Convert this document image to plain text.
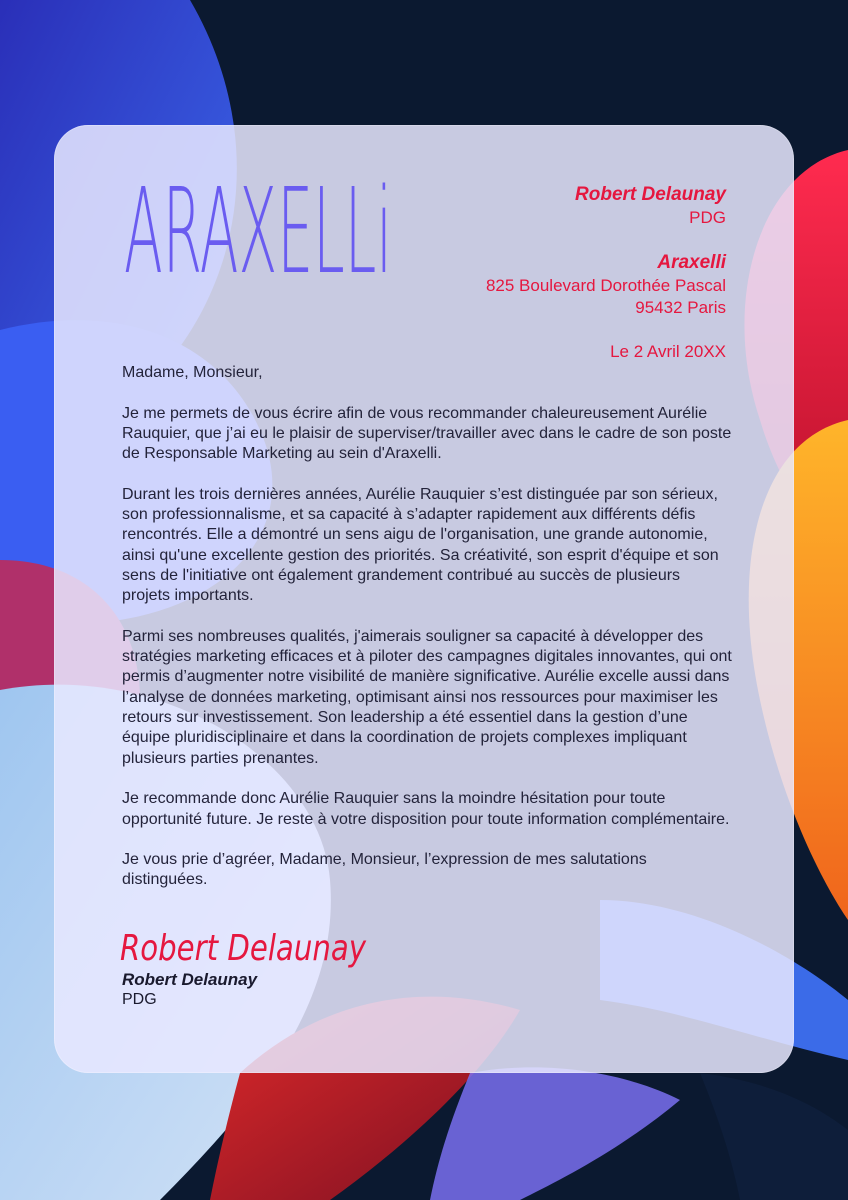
ARAXELLi	Robert Delaunay
PDG
Araxelli
825 Boulevard Dorothée Pascal
95432 Paris
Le 2 Avril 20XX

Madame, Monsieur,

Je me permets de vous écrire afin de vous recommander chaleureusement Aurélie Rauquier, que j’ai eu le plaisir de superviser/travailler avec dans le cadre de son poste de Responsable Marketing au sein d'Araxelli.

Durant les trois dernières années, Aurélie Rauquier s’est distinguée par son sérieux, son professionnalisme, et sa capacité à s’adapter rapidement aux différents défis rencontrés. Elle a démontré un sens aigu de l'organisation, une grande autonomie, ainsi qu'une excellente gestion des priorités. Sa créativité, son esprit d'équipe et son sens de l'initiative ont également grandement contribué au succès de plusieurs projets importants.

Parmi ses nombreuses qualités, j'aimerais souligner sa capacité à développer des stratégies marketing efficaces et à piloter des campagnes digitales innovantes, qui ont permis d’augmenter notre visibilité de manière significative. Aurélie excelle aussi dans l’analyse de données marketing, optimisant ainsi nos ressources pour maximiser les retours sur investissement. Son leadership a été essentiel dans la gestion d’une équipe pluridisciplinaire et dans la coordination de projets complexes impliquant plusieurs parties prenantes.

Je recommande donc Aurélie Rauquier sans la moindre hésitation pour toute opportunité future. Je reste à votre disposition pour toute information complémentaire.

Je vous prie d’agréer, Madame, Monsieur, l’expression de mes salutations distinguées.

Robert Delaunay
Robert Delaunay
PDG
